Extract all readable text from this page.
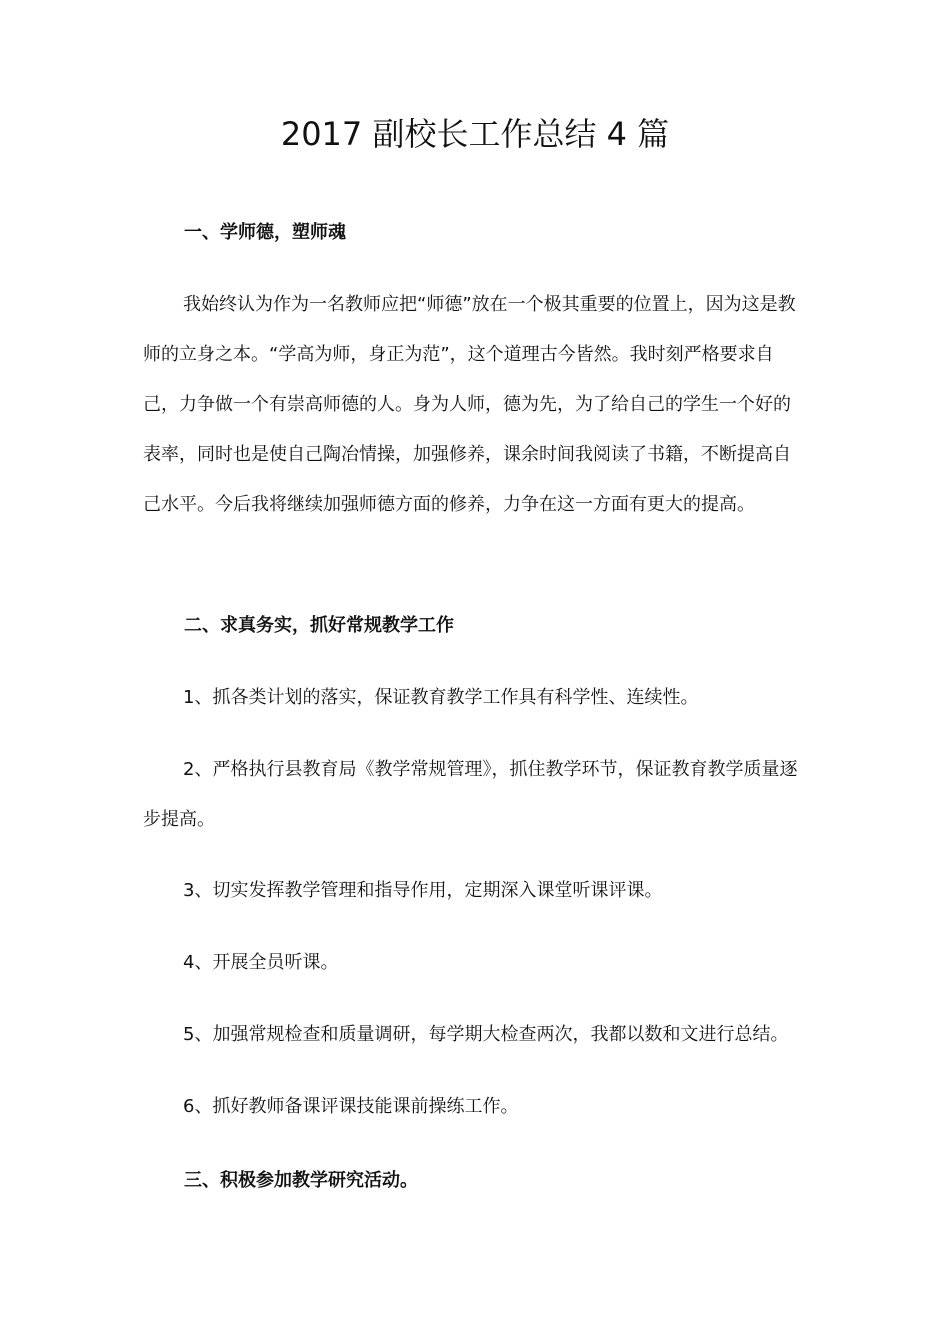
2017 副校长工作总结 4 篇
一、学师德，塑师魂

我始终认为作为一名教师应把“师德”放在一个极其重要的位置上，因为这是教师的立身之本。“学高为师，身正为范”，这个道理古今皆然。我时刻严格要求自己，力争做一个有崇高师德的人。身为人师，德为先，为了给自己的学生一个好的表率，同时也是使自己陶冶情操，加强修养，课余时间我阅读了书籍，不断提高自己水平。今后我将继续加强师德方面的修养，力争在这一方面有更大的提高。

二、求真务实，抓好常规教学工作

1、抓各类计划的落实，保证教育教学工作具有科学性、连续性。

2、严格执行县教育局《教学常规管理》，抓住教学环节，保证教育教学质量逐步提高。

3、切实发挥教学管理和指导作用，定期深入课堂听课评课。

4、开展全员听课。

5、加强常规检查和质量调研，每学期大检查两次，我都以数和文进行总结。

6、抓好教师备课评课技能课前操练工作。

三、积极参加教学研究活动。
